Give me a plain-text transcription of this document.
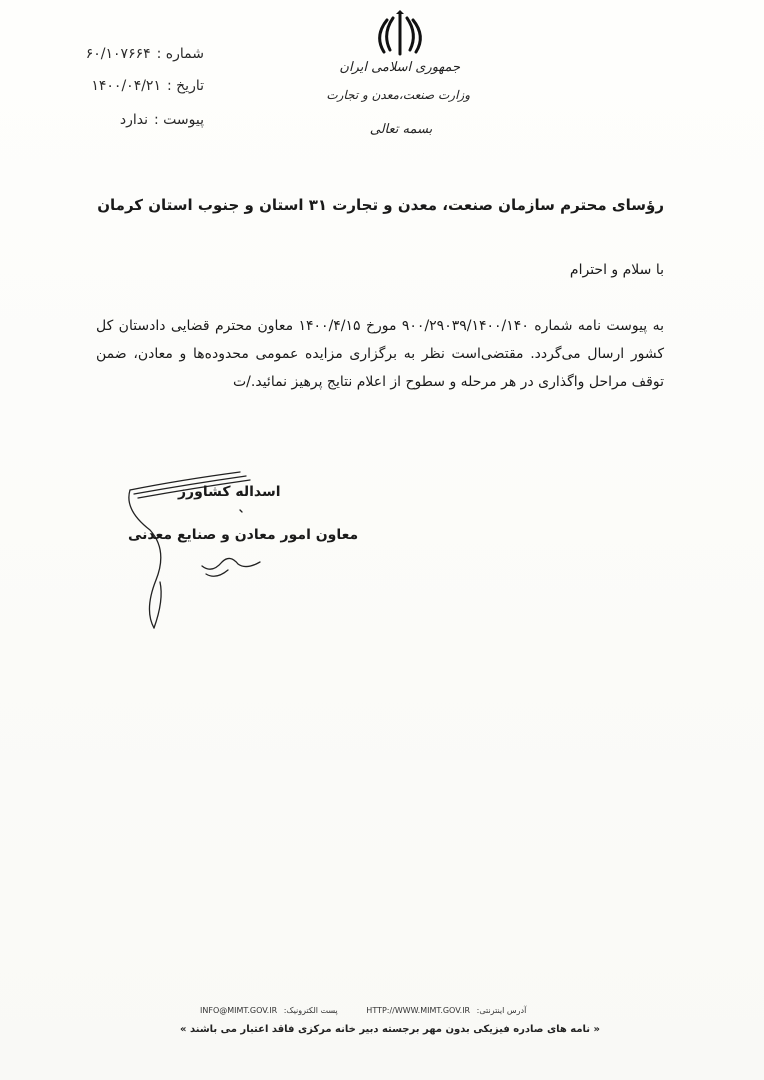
شماره :۶۰/۱۰۷۶۶۴
تاریخ :۱۴۰۰/۰۴/۲۱
پیوست :ندارد
جمهوری اسلامی ایران
وزارت صنعت،معدن و تجارت
بسمه تعالی
رؤسای محترم سازمان صنعت، معدن و تجارت ۳۱ استان و جنوب استان کرمان
با سلام و احترام
به پیوست نامه شماره ۹۰۰/۲۹۰۳۹/۱۴۰۰/۱۴۰ مورخ ۱۴۰۰/۴/۱۵ معاون محترم قضایی دادستان کل کشور ارسال می‌گردد. مقتضی‌است نظر به برگزاری مزایده عمومی محدوده‌ها و معادن، ضمن توقف مراحل واگذاری در هر مرحله و سطوح از اعلام نتایج پرهیز نمائید./ت
اسداله کشاورز
معاون امور معادن و صنایع معدنی
INFO@MIMT.GOV.IR :پست الکترونیک	HTTP://WWW.MIMT.GOV.IR :آدرس اینترنتی
« نامه های صادره فیزیکی بدون مهر برجسته دبیر خانه مرکزی فاقد اعتبار می باشند »
